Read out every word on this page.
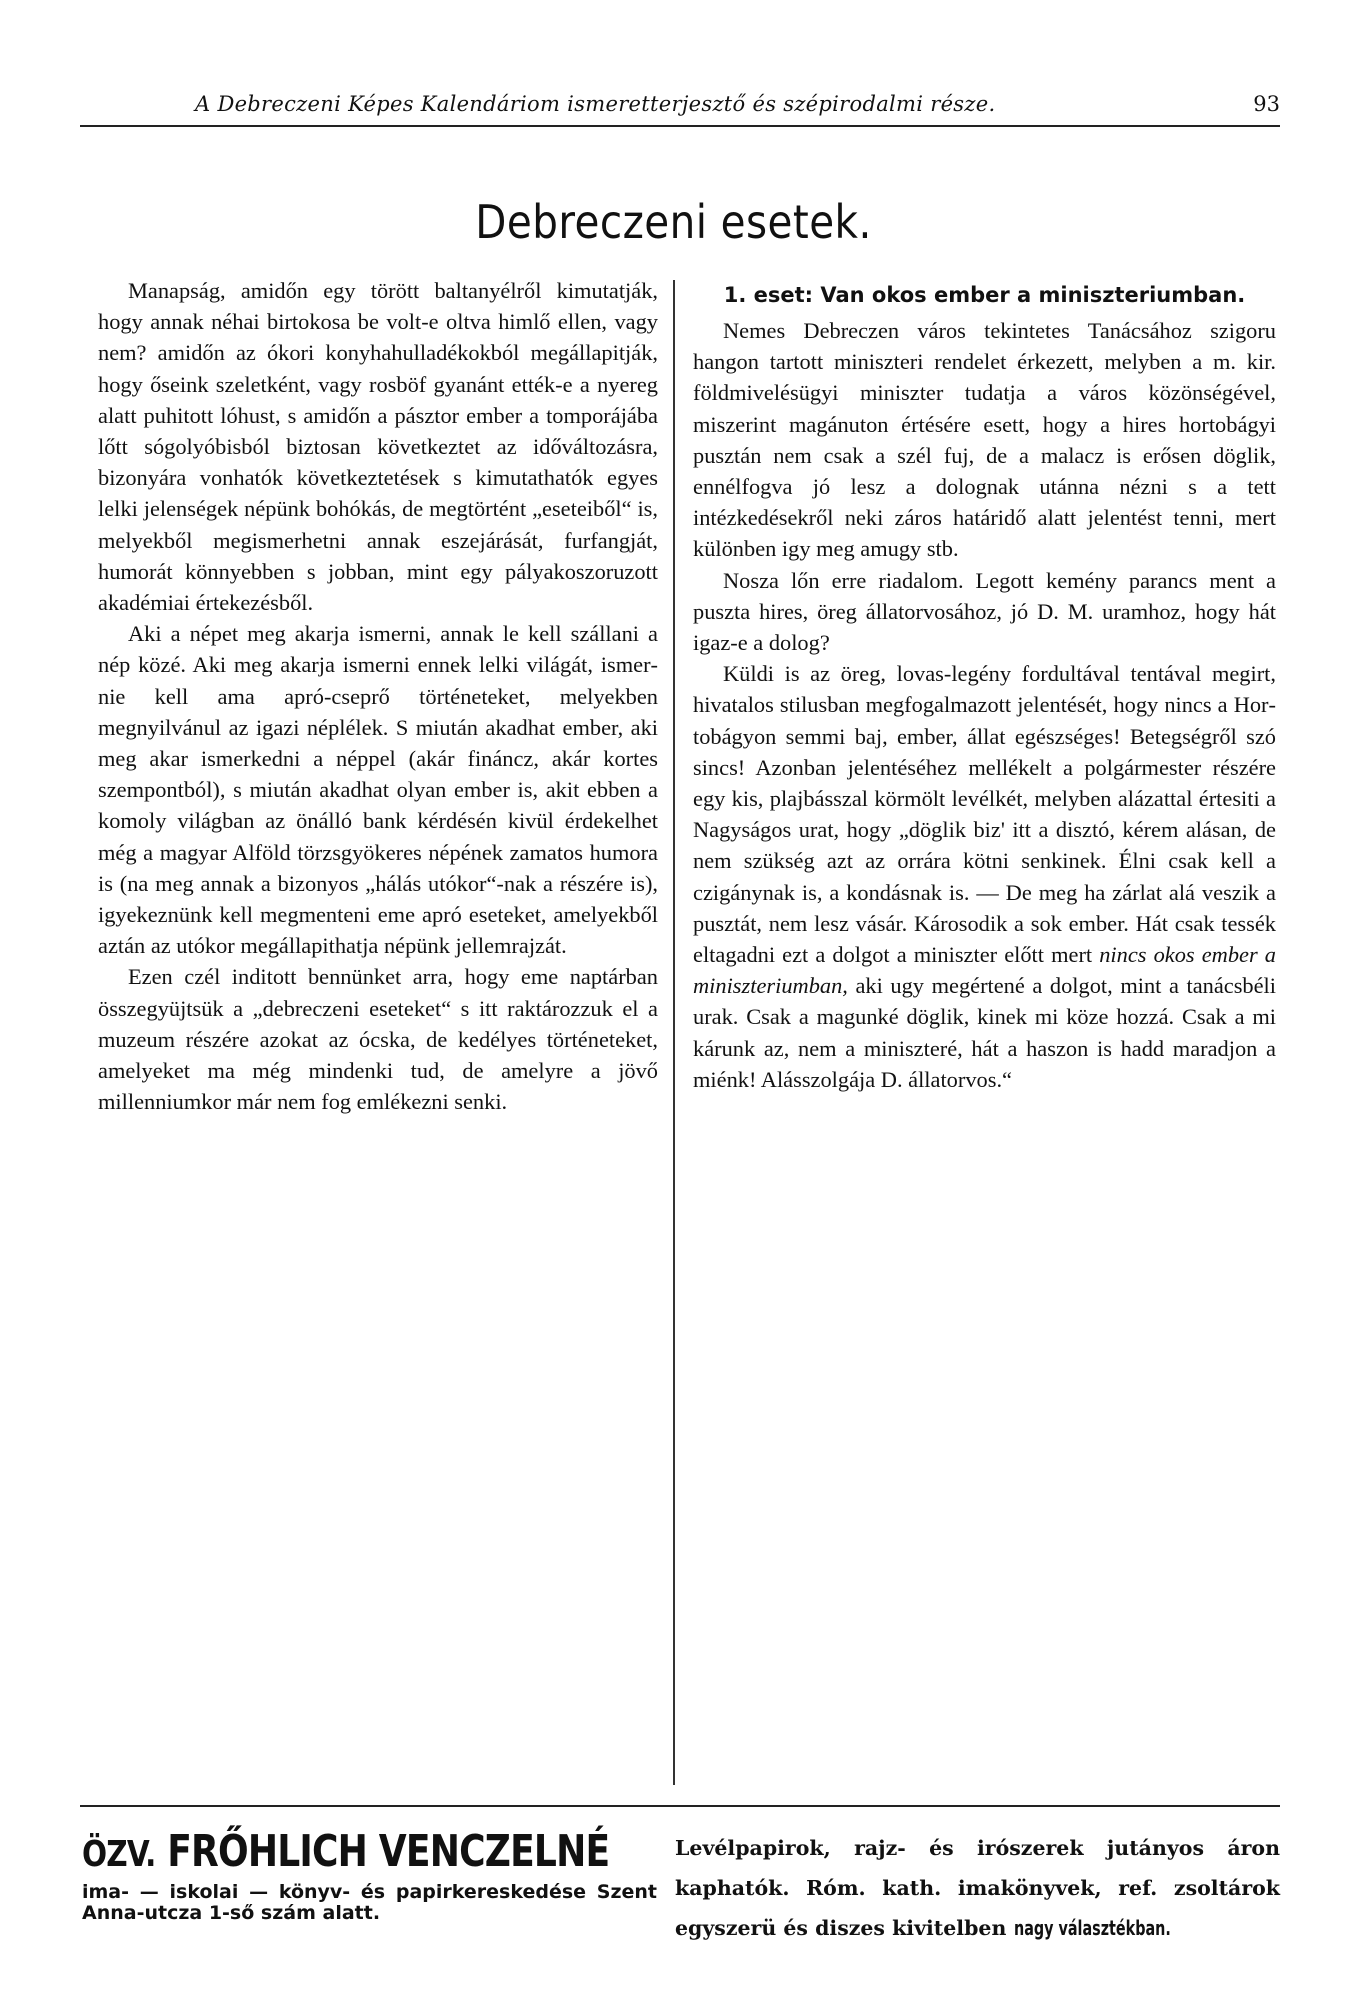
A Debreczeni Képes Kalendáriom ismeretterjesztő és szépirodalmi része.	93
Debreczeni esetek.

Manapság, amidőn egy törött baltanyélről kimutatják, hogy annak néhai birtokosa be volt-e oltva himlő ellen, vagy nem? amidőn az ókori konyhahulladékokból megállapitják, hogy őseink szeletként, vagy rosböf gyanánt ették-e a nyereg alatt puhitott lóhust, s amidőn a pásztor ember a tomporájába lőtt sógolyóbisból biztosan következtet az időváltozásra, bizonyára vonhatók következtetések s kimutathatók egyes lelki jelenségek népünk bohókás, de megtörtént „eseteiből“ is, melyekből megismerhetni annak eszejárását, furfangját, humorát könnyebben s jobban, mint egy pályakoszoruzott akadémiai értekezésből.

Aki a népet meg akarja ismerni, annak le kell szállani a nép közé. Aki meg akarja ismerni ennek lelki világát, ismernie kell ama apró-cseprő történeteket, melyekben megnyilvánul az igazi néplélek. S miután akadhat ember, aki meg akar ismerkedni a néppel (akár fináncz, akár kortes szempontból), s miután akadhat olyan ember is, akit ebben a komoly világban az önálló bank kérdésén kivül érdekelhet még a magyar Alföld törzsgyökeres népének zamatos humora is (na meg annak a bizonyos „hálás utókor“-nak a részére is), igyekeznünk kell megmenteni eme apró eseteket, amelyekből aztán az utókor megállapithatja népünk jellemrajzát.

Ezen czél inditott bennünket arra, hogy eme naptárban összegyüjtsük a „debreczeni eseteket“ s itt raktározzuk el a muzeum részére azokat az ócska, de kedélyes történeteket, amelyeket ma még mindenki tud, de amelyre a jövő millenniumkor már nem fog emlékezni senki.

1. eset: Van okos ember a miniszteriumban.

Nemes Debreczen város tekintetes Tanácsához szigoru hangon tartott miniszteri rendelet érkezett, melyben a m. kir. földmivelésügyi miniszter tudatja a város közönségével, miszerint magánuton értésére esett, hogy a hires hortobágyi pusztán nem csak a szél fuj, de a malacz is erősen döglik, ennélfogva jó lesz a dolognak utánna nézni s a tett intézkedésekről neki záros határidő alatt jelentést tenni, mert különben igy meg amugy stb.

Nosza lőn erre riadalom. Legott kemény parancs ment a puszta hires, öreg állatorvosához, jó D. M. uramhoz, hogy hát igaz-e a dolog?

Küldi is az öreg, lovas-legény fordultával tentával megirt, hivatalos stilusban megfogalmazott jelentését, hogy nincs a Hortobágyon semmi baj, ember, állat egészséges! Betegségről szó sincs! Azonban jelentéséhez mellékelt a polgármester részére egy kis, plajbásszal körmölt levélkét, melyben alázattal értesiti a Nagyságos urat, hogy „döglik biz' itt a disztó, kérem alásan, de nem szükség azt az orrára kötni senkinek. Élni csak kell a czigánynak is, a kondásnak is. — De meg ha zárlat alá veszik a pusztát, nem lesz vásár. Károsodik a sok ember. Hát csak tessék eltagadni ezt a dolgot a miniszter előtt mert nincs okos ember a miniszteriumban, aki ugy megértené a dolgot, mint a tanácsbéli urak. Csak a magunké döglik, kinek mi köze hozzá. Csak a mi kárunk az, nem a miniszteré, hát a haszon is hadd maradjon a miénk! Alásszolgája D. állatorvos.“

ÖZV. FRŐHLICH VENCZELNÉ
ima- — iskolai — könyv- és papirkereskedése Szent Anna-utcza 1-ső szám alatt.
Levélpapirok, rajz- és irószerek jutányos áron kaphatók. Róm. kath. imakönyvek, ref. zsoltárok egyszerü és diszes kivitelben nagy választékban.
